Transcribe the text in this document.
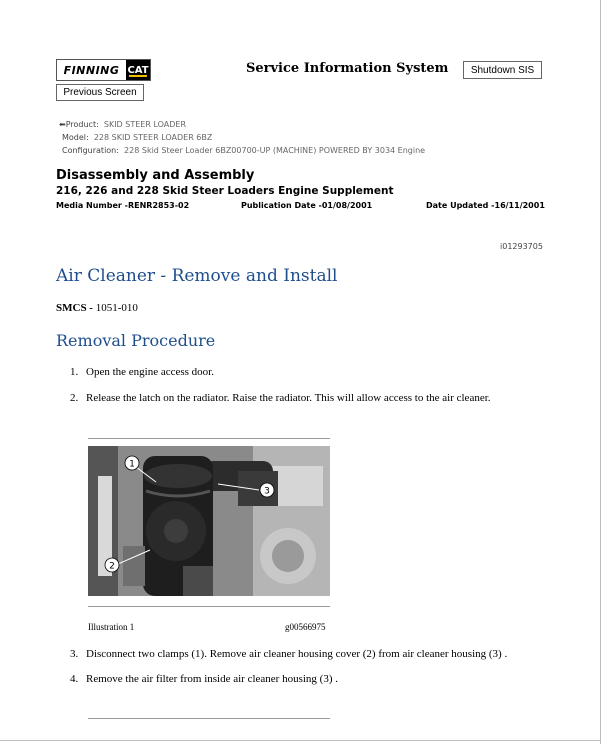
FINNING CAT
Previous Screen
Service Information System	Shutdown SIS
⬅Product: SKID STEER LOADER
Model: 228 SKID STEER LOADER 6BZ
Configuration: 228 Skid Steer Loader 6BZ00700-UP (MACHINE) POWERED BY 3034 Engine
Disassembly and Assembly
216, 226 and 228 Skid Steer Loaders Engine Supplement
Media Number -RENR2853-02	Publication Date -01/08/2001	Date Updated -16/11/2001
i01293705
Air Cleaner - Remove and Install
SMCS - 1051-010
Removal Procedure
1. Open the engine access door.
2. Release the latch on the radiator. Raise the radiator. This will allow access to the air cleaner.
1
3
2
Illustration 1	g00566975
3. Disconnect two clamps (1). Remove air cleaner housing cover (2) from air cleaner housing (3) .
4. Remove the air filter from inside air cleaner housing (3) .
